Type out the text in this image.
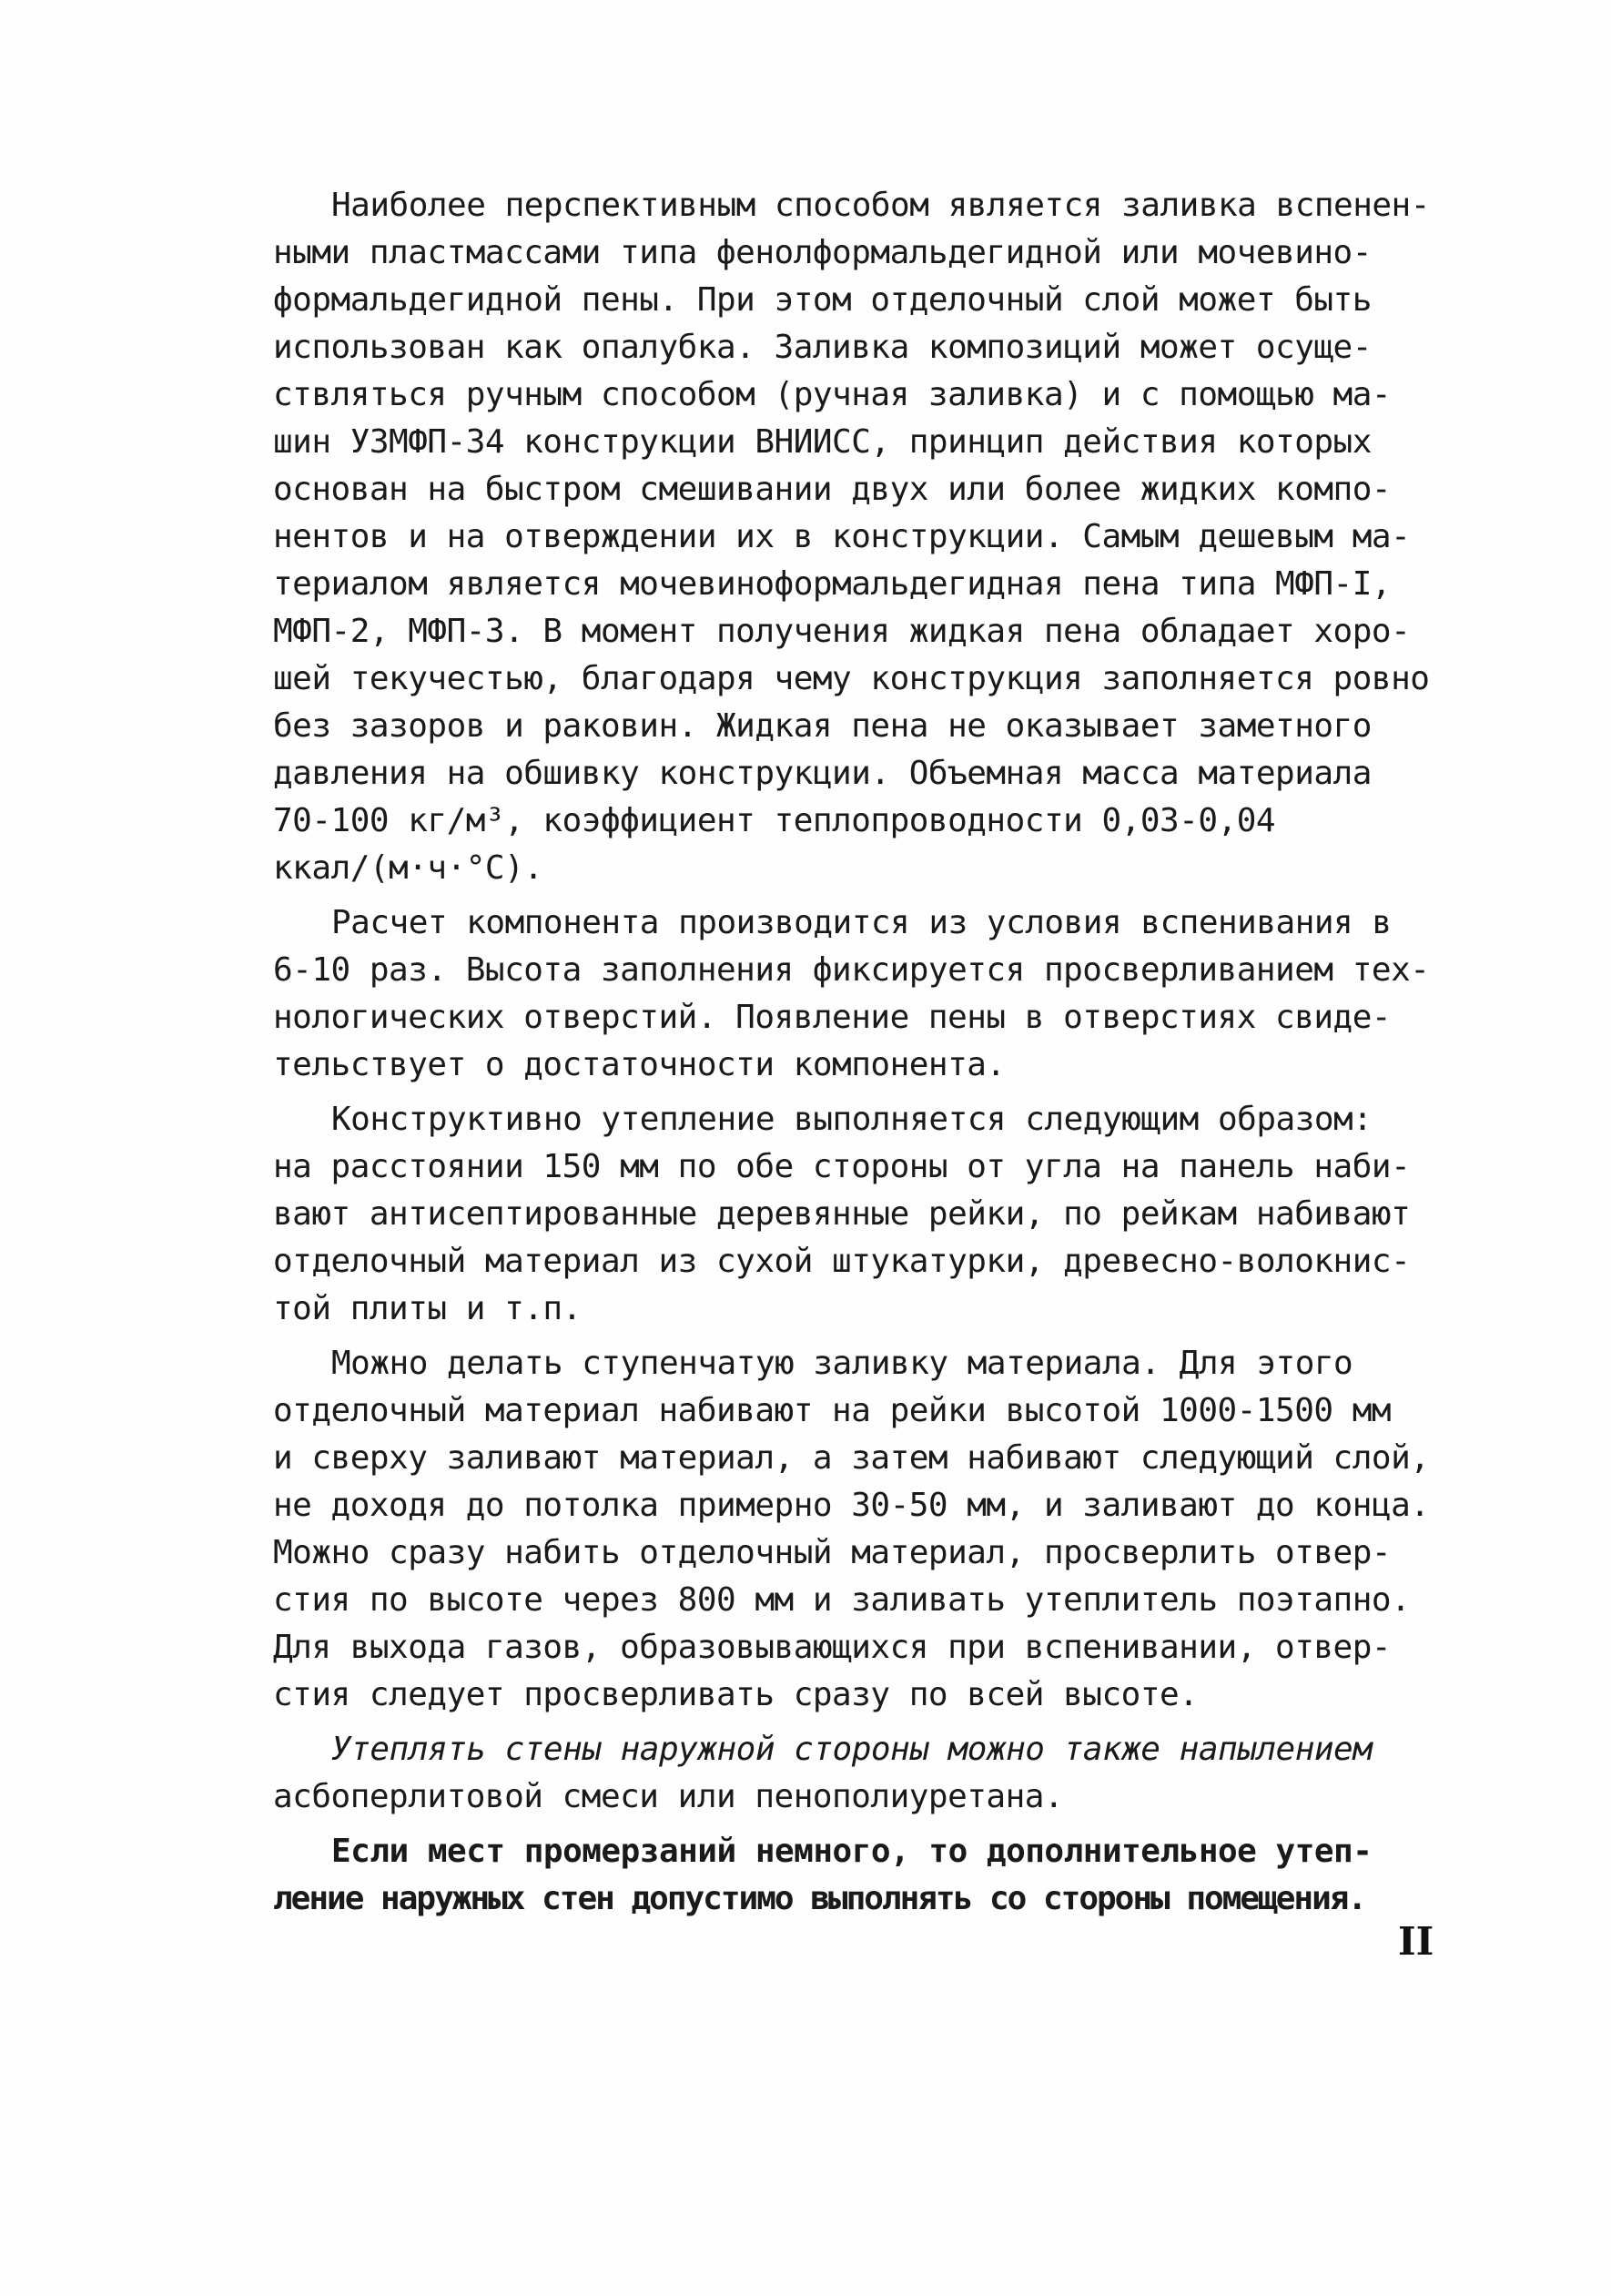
Наиболее перспективным способом является заливка вспенен-
ными пластмассами типа фенолформальдегидной или мочевино-
формальдегидной пены. При этом отделочный слой может быть
использован как опалубка. Заливка композиций может осуще-
ствляться ручным способом (ручная заливка) и с помощью ма-
шин УЗМФП-34 конструкции ВНИИСС, принцип действия которых
основан на быстром смешивании двух или более жидких компо-
нентов и на отверждении их в конструкции. Самым дешевым ма-
териалом является мочевиноформальдегидная пена типа МФП-I,
МФП-2, МФП-3. В момент получения жидкая пена обладает хоро-
шей текучестью, благодаря чему конструкция заполняется ровно
без зазоров и раковин. Жидкая пена не оказывает заметного
давления на обшивку конструкции. Объемная масса материала
70-100 кг/м³, коэффициент теплопроводности 0,03-0,04
ккал/(м·ч·°С).

Расчет компонента производится из условия вспенивания в
6-10 раз. Высота заполнения фиксируется просверливанием тех-
нологических отверстий. Появление пены в отверстиях свиде-
тельствует о достаточности компонента.

Конструктивно утепление выполняется следующим образом:
на расстоянии 150 мм по обе стороны от угла на панель наби-
вают антисептированные деревянные рейки, по рейкам набивают
отделочный материал из сухой штукатурки, древесно-волокнис-
той плиты и т.п.

Можно делать ступенчатую заливку материала. Для этого
отделочный материал набивают на рейки высотой 1000-1500 мм
и сверху заливают материал, а затем набивают следующий слой,
не доходя до потолка примерно 30-50 мм, и заливают до конца.
Можно сразу набить отделочный материал, просверлить отвер-
стия по высоте через 800 мм и заливать утеплитель поэтапно.
Для выхода газов, образовывающихся при вспенивании, отвер-
стия следует просверливать сразу по всей высоте.

Утеплять стены наружной стороны можно также напылением
асбоперлитовой смеси или пенополиуретана.

Если мест промерзаний немного, то дополнительное утеп-
ление наружных стен допустимо выполнять со стороны помещения.

II
